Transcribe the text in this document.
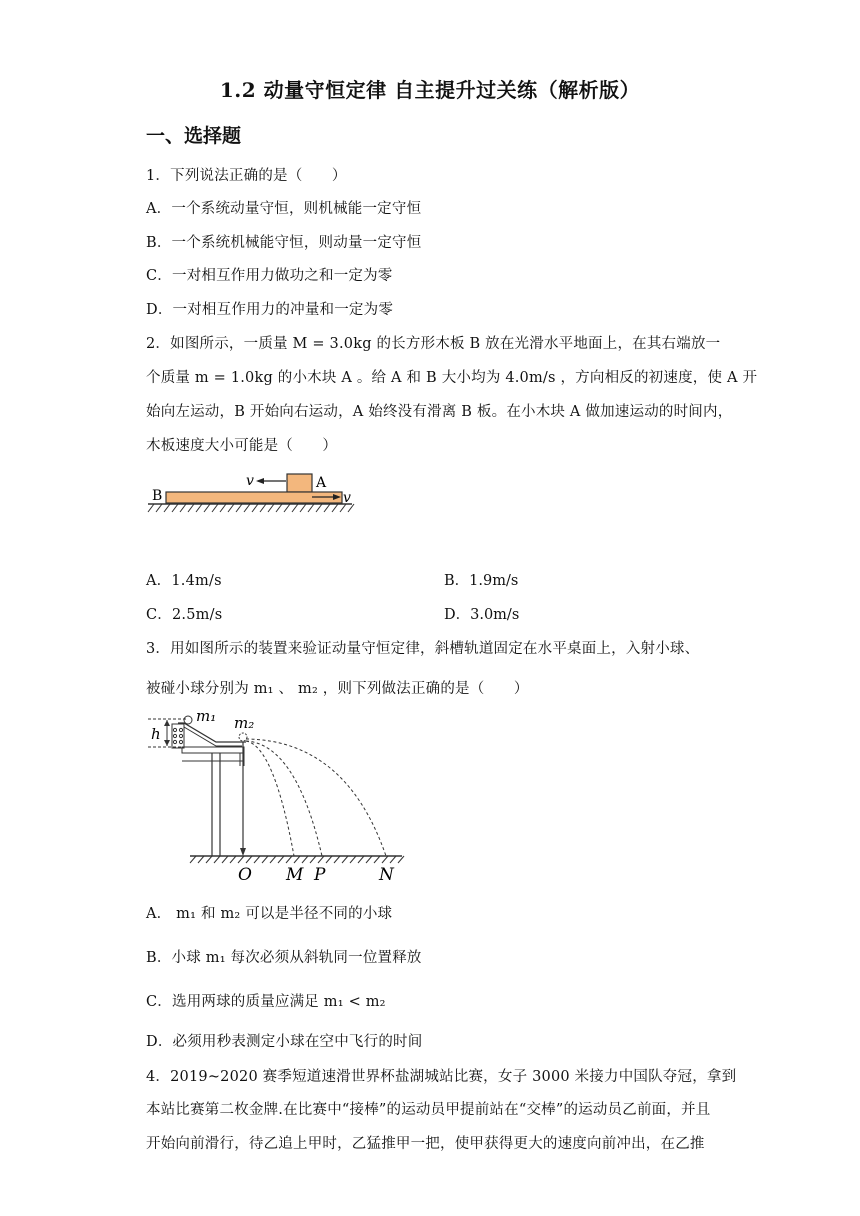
1.2 动量守恒定律 自主提升过关练（解析版）
一、选择题
1．下列说法正确的是（　　）
A．一个系统动量守恒，则机械能一定守恒
B．一个系统机械能守恒，则动量一定守恒
C．一对相互作用力做功之和一定为零
D．一对相互作用力的冲量和一定为零
2．如图所示，一质量 M = 3.0kg 的长方形木板 B 放在光滑水平地面上，在其右端放一
个质量 m = 1.0kg 的小木块 A 。给 A 和 B 大小均为 4.0m/s ，方向相反的初速度，使 A 开
始向左运动，B 开始向右运动，A 始终没有滑离 B 板。在小木块 A 做加速运动的时间内，
木板速度大小可能是（　　）
v	A
B	v
A．1.4m/s	B．1.9m/s
C．2.5m/s	D．3.0m/s
3．用如图所示的装置来验证动量守恒定律，斜槽轨道固定在水平桌面上，入射小球、
被碰小球分别为 m₁ 、 m₂ ，则下列做法正确的是（　　）
h
m₁ m₂
O M P	N
A． m₁ 和 m₂ 可以是半径不同的小球
B．小球 m₁ 每次必须从斜轨同一位置释放
C．选用两球的质量应满足 m₁ < m₂
D．必须用秒表测定小球在空中飞行的时间
4．2019~2020 赛季短道速滑世界杯盐湖城站比赛，女子 3000 米接力中国队夺冠，拿到
本站比赛第二枚金牌.在比赛中“接棒”的运动员甲提前站在“交棒”的运动员乙前面，并且
开始向前滑行，待乙追上甲时，乙猛推甲一把，使甲获得更大的速度向前冲出，在乙推
